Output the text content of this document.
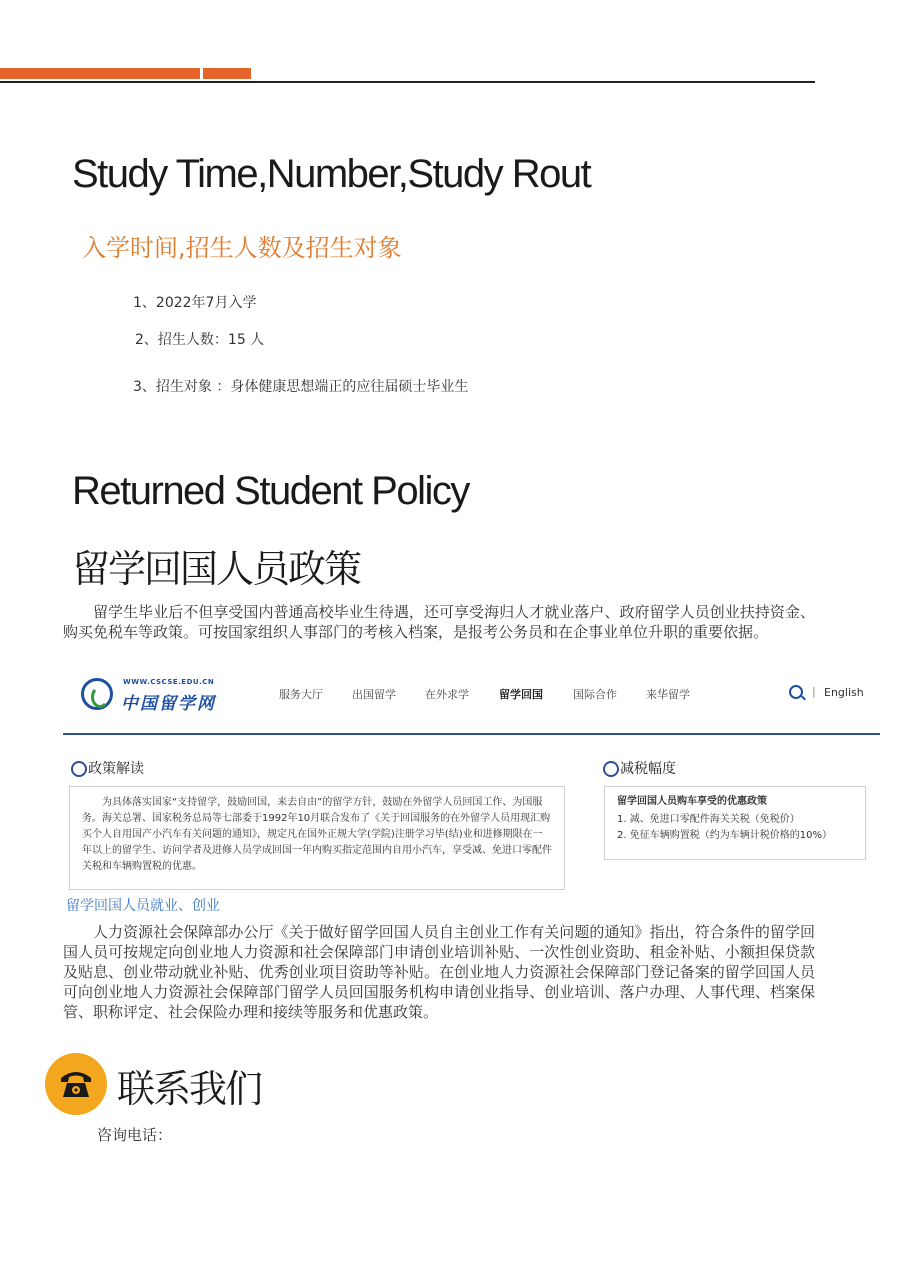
Study Time,Number,Study Rout
入学时间,招生人数及招生对象
1、2022年7月入学
2、招生人数：15 人
3、招生对象 ：身体健康思想端正的应往届硕士毕业生
Returned Student Policy
留学回国人员政策
留学生毕业后不但享受国内普通高校毕业生待遇，还可享受海归人才就业落户、政府留学人员创业扶持资金、购买免税车等政策。可按国家组织人事部门的考核入档案，是报考公务员和在企事业单位升职的重要依据。
WWW.CSCSE.EDU.CN
中国留学网	服务大厅	出国留学	在外求学	留学回国	国际合作	来华留学	| English
政策解读
为具体落实国家“支持留学，鼓励回国，来去自由”的留学方针，鼓励在外留学人员回国工作、为国服务。海关总署、国家税务总局等七部委于1992年10月联合发布了《关于回国服务的在外留学人员用现汇购买个人自用国产小汽车有关问题的通知》，规定凡在国外正规大学(学院)注册学习毕(结)业和进修期限在一年以上的留学生、访问学者及进修人员学成回国一年内购买指定范围内自用小汽车，享受减、免进口零配件关税和车辆购置税的优惠。
减税幅度
留学回国人员购车享受的优惠政策
1. 减、免进口零配件海关关税（免税价）
2. 免征车辆购置税（约为车辆计税价格的10%）
留学回国人员就业、创业
人力资源社会保障部办公厅《关于做好留学回国人员自主创业工作有关问题的通知》指出，符合条件的留学回国人员可按规定向创业地人力资源和社会保障部门申请创业培训补贴、一次性创业资助、租金补贴、小额担保贷款及贴息、创业带动就业补贴、优秀创业项目资助等补贴。在创业地人力资源社会保障部门登记备案的留学回国人员可向创业地人力资源社会保障部门留学人员回国服务机构申请创业指导、创业培训、落户办理、人事代理、档案保管、职称评定、社会保险办理和接续等服务和优惠政策。
联系我们
咨询电话：
